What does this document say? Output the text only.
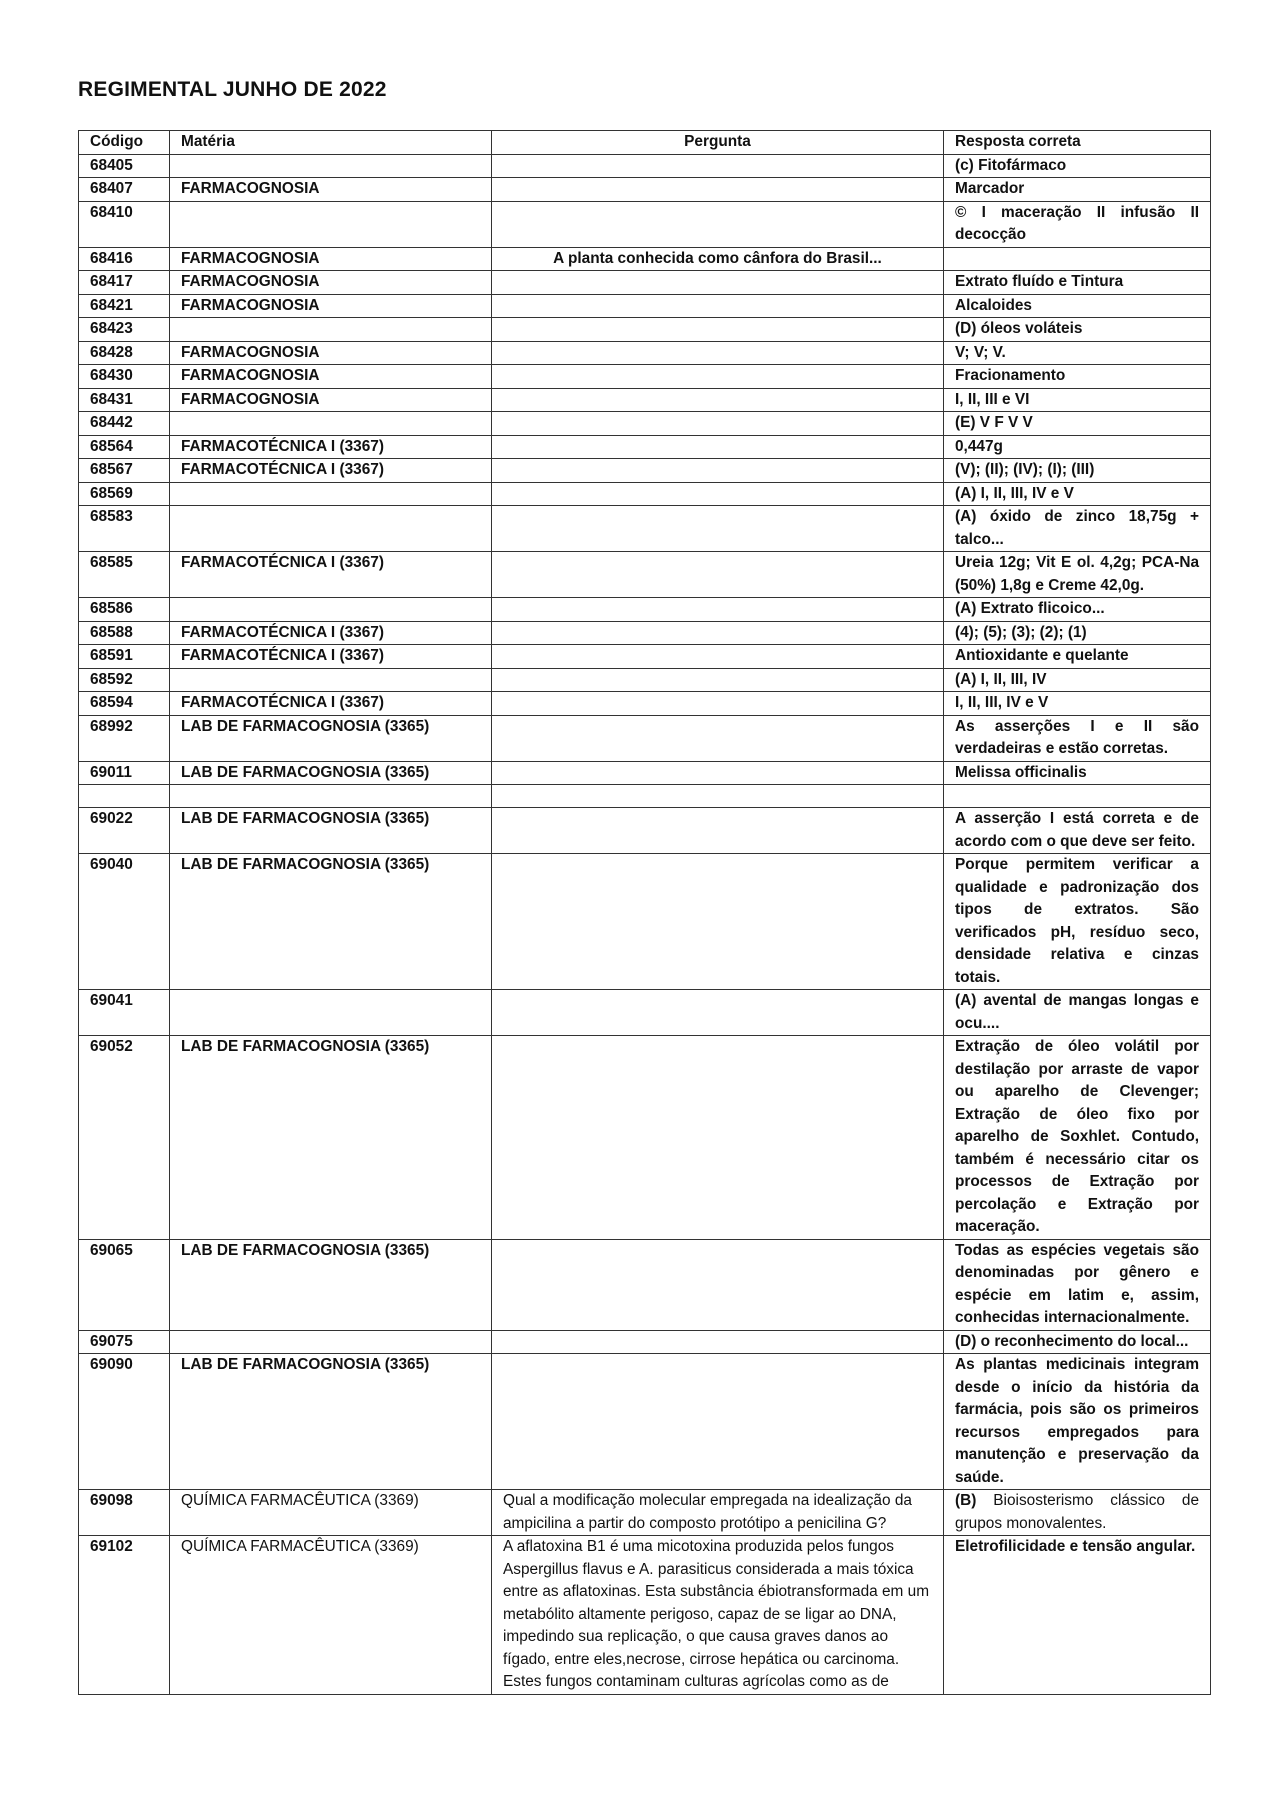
REGIMENTAL JUNHO DE 2022
Código	Matéria	Pergunta	Resposta correta
68405			(c) Fitofármaco
68407	FARMACOGNOSIA		Marcador
68410			© I maceração II infusão II decocção
68416	FARMACOGNOSIA	A planta conhecida como cânfora do Brasil...	
68417	FARMACOGNOSIA		Extrato fluído e Tintura
68421	FARMACOGNOSIA		Alcaloides
68423			(D) óleos voláteis
68428	FARMACOGNOSIA		V; V; V.
68430	FARMACOGNOSIA		Fracionamento
68431	FARMACOGNOSIA		I, II, III e VI
68442			(E) V F V V
68564	FARMACOTÉCNICA I (3367)		0,447g
68567	FARMACOTÉCNICA I (3367)		(V); (II); (IV); (I); (III)
68569			(A) I, II, III, IV e V
68583			(A) óxido de zinco 18,75g + talco...
68585	FARMACOTÉCNICA I (3367)		Ureia 12g; Vit E ol. 4,2g; PCA-Na (50%) 1,8g e Creme 42,0g.
68586			(A) Extrato flicoico...
68588	FARMACOTÉCNICA I (3367)		(4); (5); (3); (2); (1)
68591	FARMACOTÉCNICA I (3367)		Antioxidante e quelante
68592			(A) I, II, III, IV
68594	FARMACOTÉCNICA I (3367)		I, II, III, IV e V
68992	LAB DE FARMACOGNOSIA (3365)		As asserções I e II são verdadeiras e estão corretas.
69011	LAB DE FARMACOGNOSIA (3365)		Melissa officinalis

69022	LAB DE FARMACOGNOSIA (3365)		A asserção I está correta e de acordo com o que deve ser feito.
69040	LAB DE FARMACOGNOSIA (3365)		Porque permitem verificar a qualidade e padronização dos tipos de extratos. São verificados pH, resíduo seco, densidade relativa e cinzas totais.
69041			(A) avental de mangas longas e ocu....
69052	LAB DE FARMACOGNOSIA (3365)		Extração de óleo volátil por destilação por arraste de vapor ou aparelho de Clevenger; Extração de óleo fixo por aparelho de Soxhlet. Contudo, também é necessário citar os processos de Extração por percolação e Extração por maceração.
69065	LAB DE FARMACOGNOSIA (3365)		Todas as espécies vegetais são denominadas por gênero e espécie em latim e, assim, conhecidas internacionalmente.
69075			(D) o reconhecimento do local...
69090	LAB DE FARMACOGNOSIA (3365)		As plantas medicinais integram desde o início da história da farmácia, pois são os primeiros recursos empregados para manutenção e preservação da saúde.
69098	QUÍMICA FARMACÊUTICA (3369)	Qual a modificação molecular empregada na idealização da ampicilina a partir do composto protótipo a penicilina G?	(B) Bioisosterismo clássico de grupos monovalentes.
69102	QUÍMICA FARMACÊUTICA (3369)	A aflatoxina B1 é uma micotoxina produzida pelos fungos Aspergillus flavus e A. parasiticus considerada a mais tóxica entre as aflatoxinas. Esta substância ébiotransformada em um metabólito altamente perigoso, capaz de se ligar ao DNA, impedindo sua replicação, o que causa graves danos ao fígado, entre eles,necrose, cirrose hepática ou carcinoma. Estes fungos contaminam culturas agrícolas como as de	Eletrofilicidade e tensão angular.
